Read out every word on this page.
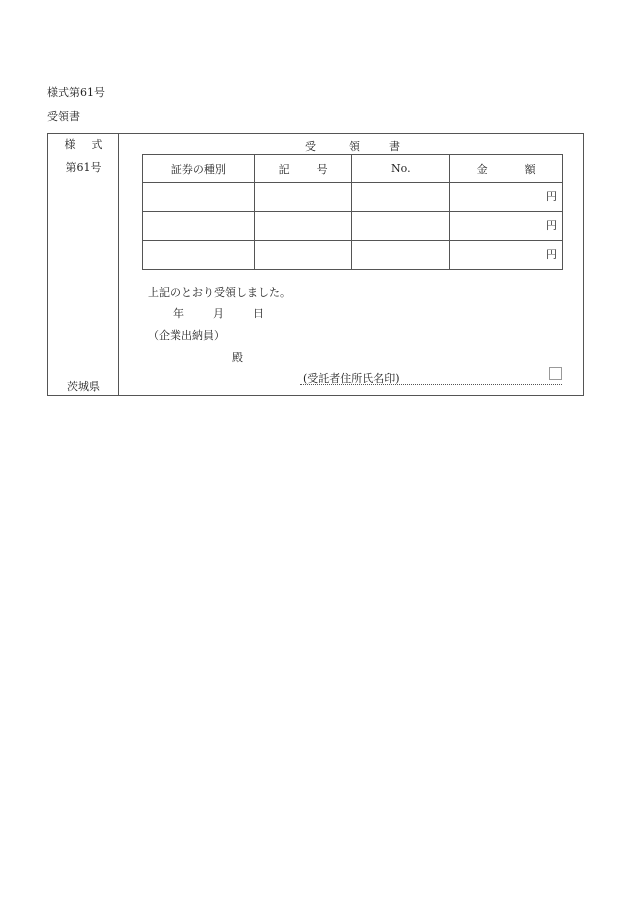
様式第61号
受領書
様 式
第61号
茨城県
受	領	書
証券の種別	記 号	No.	金 額

			円

			円

			円
上記のとおり受領しました。
年	月	日
（企業出納員）
殿
(受託者住所氏名印)
